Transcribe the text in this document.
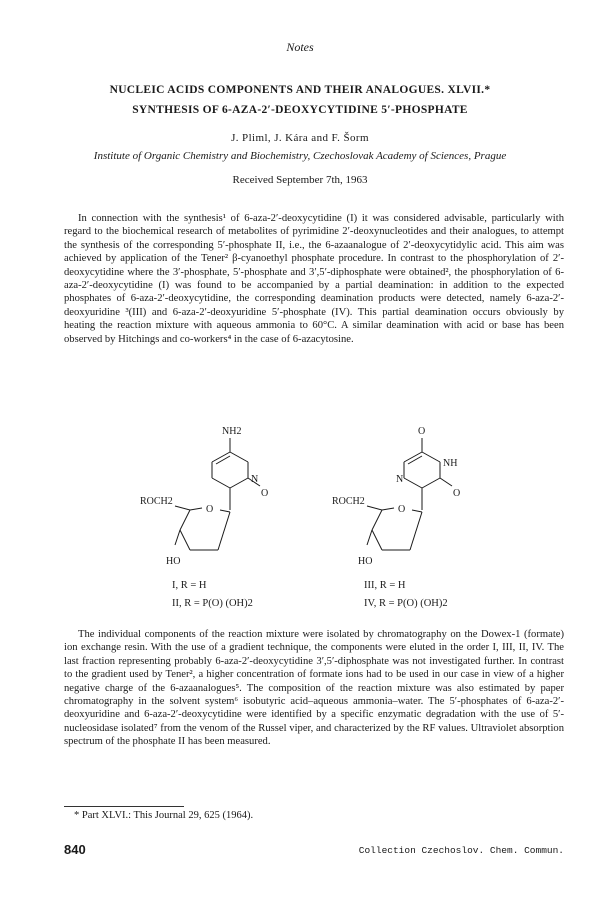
Notes
NUCLEIC ACIDS COMPONENTS AND THEIR ANALOGUES. XLVII.*
SYNTHESIS OF 6-AZA-2′-DEOXYCYTIDINE 5′-PHOSPHATE
J. Pliml, J. Kára and F. Šorm
Institute of Organic Chemistry and Biochemistry, Czechoslovak Academy of Sciences, Prague
Received September 7th, 1963
In connection with the synthesis¹ of 6-aza-2′-deoxycytidine (I) it was considered advisable, particularly with regard to the biochemical research of metabolites of pyrimidine 2′-deoxynucleotides and their analogues, to attempt the synthesis of the corresponding 5′-phosphate II, i.e., the 6-azaanalogue of 2′-deoxycytidylic acid. This aim was achieved by application of the Tener² β-cyanoethyl phosphate procedure. In contrast to the phosphorylation of 2′-deoxycytidine where the 3′-phosphate, 5′-phosphate and 3′,5′-diphosphate were obtained², the phosphorylation of 6-aza-2′-deoxycytidine (I) was found to be accompanied by a partial deamination: in addition to the expected phosphates of 6-aza-2′-deoxycytidine, the corresponding deamination products were detected, namely 6-aza-2′-deoxyuridine ³(III) and 6-aza-2′-deoxyuridine 5′-phosphate (IV). This partial deamination occurs obviously by heating the reaction mixture with aqueous ammonia to 60°C. A similar deamination with acid or base has been observed by Hitchings and co-workers⁴ in the case of 6-azacytosine.
NH2
N
O
ROCH2
O
HO
I, R = H
II, R = P(O) (OH)2
O
NH
N
O
ROCH2
O
HO
III, R = H
IV, R = P(O) (OH)2
The individual components of the reaction mixture were isolated by chromatography on the Dowex-1 (formate) ion exchange resin. With the use of a gradient technique, the components were eluted in the order I, III, II, IV. The last fraction representing probably 6-aza-2′-deoxycytidine 3′,5′-diphosphate was not investigated further. In contrast to the gradient used by Tener², a higher concentration of formate ions had to be used in our case in view of a higher negative charge of the 6-azaanalogues⁵. The composition of the reaction mixture was also estimated by paper chromatography in the solvent system⁶ isobutyric acid–aqueous ammonia–water. The 5′-phosphates of 6-aza-2′-deoxyuridine and 6-aza-2′-deoxycytidine were identified by a specific enzymatic degradation with the use of 5′-nucleosidase isolated⁷ from the venom of the Russel viper, and characterized by the RF values. Ultraviolet absorption spectrum of the phosphate II has been measured.
* Part XLVI.: This Journal 29, 625 (1964).
840	Collection Czechoslov. Chem. Commun.
